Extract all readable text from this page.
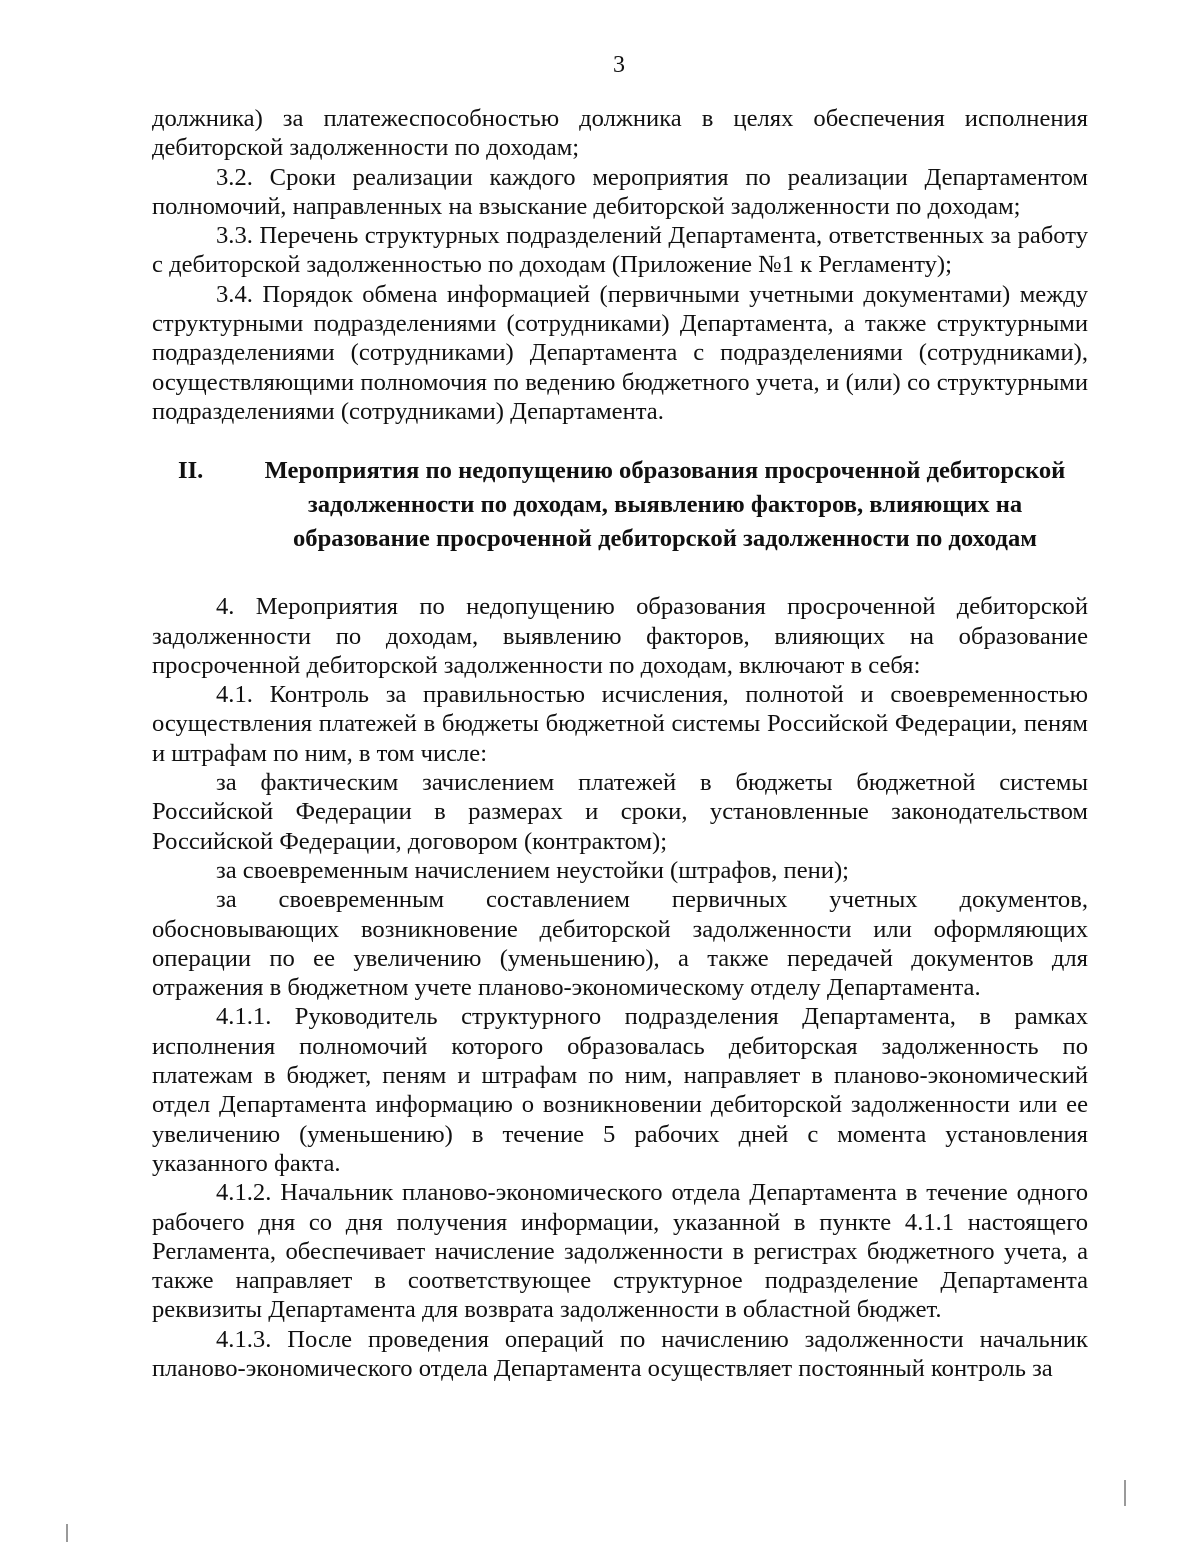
3

должника) за платежеспособностью должника в целях обеспечения исполнения дебиторской задолженности по доходам;

3.2. Сроки реализации каждого мероприятия по реализации Департаментом полномочий, направленных на взыскание дебиторской задолженности по доходам;

3.3. Перечень структурных подразделений Департамента, ответственных за работу с дебиторской задолженностью по доходам (Приложение №1 к Регламенту);

3.4. Порядок обмена информацией (первичными учетными документами) между структурными подразделениями (сотрудниками) Департамента, а также структурными подразделениями (сотрудниками) Департамента с подразделениями (сотрудниками), осуществляющими полномочия по ведению бюджетного учета, и (или) со структурными подразделениями (сотрудниками) Департамента.

II.	Мероприятия по недопущению образования просроченной дебиторской
задолженности по доходам, выявлению факторов, влияющих на
образование просроченной дебиторской задолженности по доходам

4. Мероприятия по недопущению образования просроченной дебиторской задолженности по доходам, выявлению факторов, влияющих на образование просроченной дебиторской задолженности по доходам, включают в себя:

4.1. Контроль за правильностью исчисления, полнотой и своевременностью осуществления платежей в бюджеты бюджетной системы Российской Федерации, пеням и штрафам по ним, в том числе:

за фактическим зачислением платежей в бюджеты бюджетной системы Российской Федерации в размерах и сроки, установленные законодательством Российской Федерации, договором (контрактом);

за своевременным начислением неустойки (штрафов, пени);

за своевременным составлением первичных учетных документов, обосновывающих возникновение дебиторской задолженности или оформляющих операции по ее увеличению (уменьшению), а также передачей документов для отражения в бюджетном учете планово-экономическому отделу Департамента.

4.1.1. Руководитель структурного подразделения Департамента, в рамках исполнения полномочий которого образовалась дебиторская задолженность по платежам в бюджет, пеням и штрафам по ним, направляет в планово-экономический отдел Департамента информацию о возникновении дебиторской задолженности или ее увеличению (уменьшению) в течение 5 рабочих дней с момента установления указанного факта.

4.1.2. Начальник планово-экономического отдела Департамента в течение одного рабочего дня со дня получения информации, указанной в пункте 4.1.1 настоящего Регламента, обеспечивает начисление задолженности в регистрах бюджетного учета, а также направляет в соответствующее структурное подразделение Департамента реквизиты Департамента для возврата задолженности в областной бюджет.

4.1.3. После проведения операций по начислению задолженности начальник планово-экономического отдела Департамента осуществляет постоянный контроль за
